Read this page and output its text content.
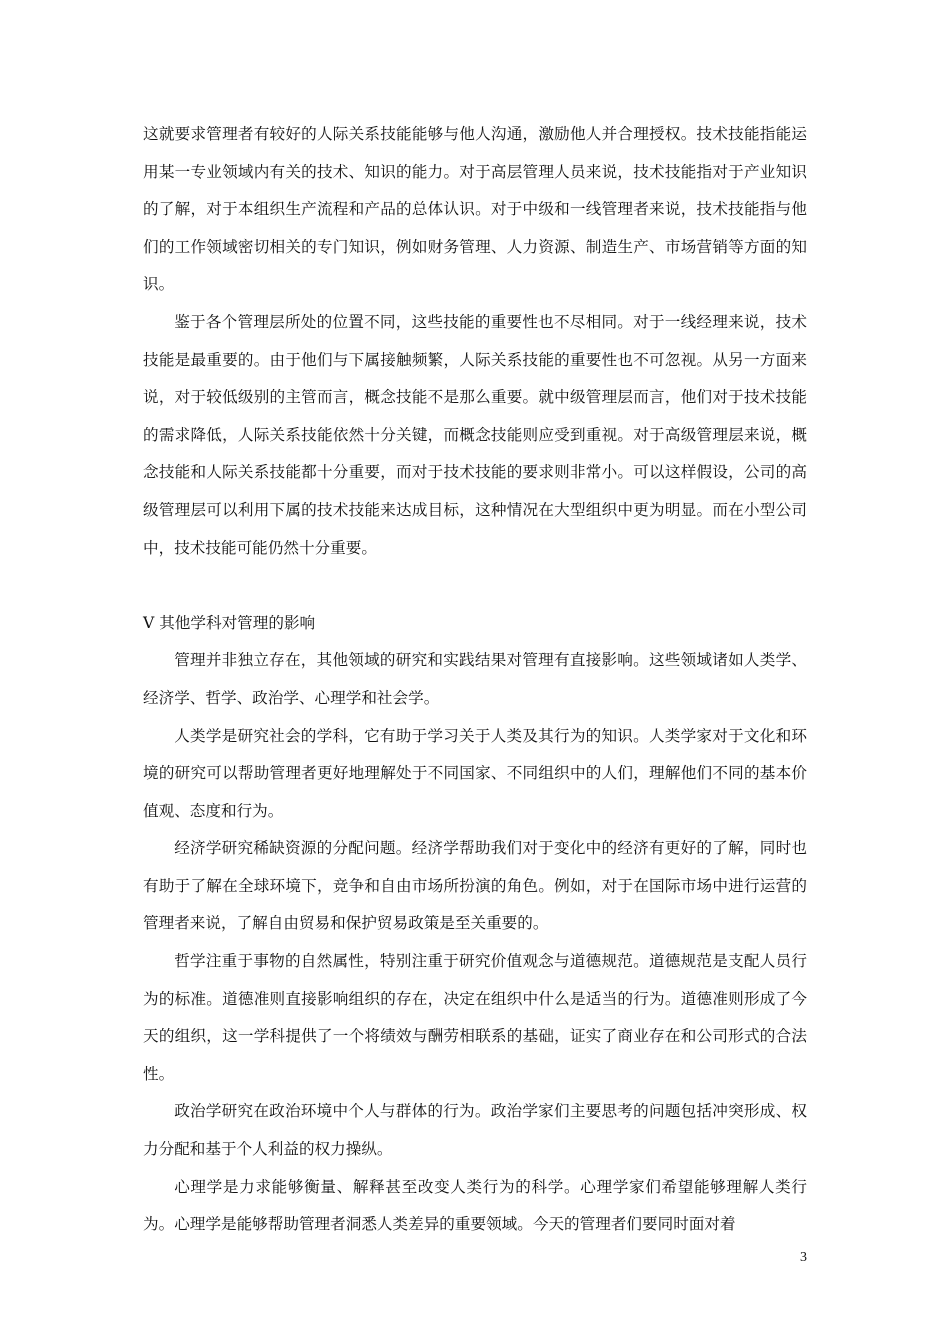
这就要求管理者有较好的人际关系技能能够与他人沟通，激励他人并合理授权。技术技能指能运用某一专业领域内有关的技术、知识的能力。对于高层管理人员来说，技术技能指对于产业知识的了解，对于本组织生产流程和产品的总体认识。对于中级和一线管理者来说，技术技能指与他们的工作领域密切相关的专门知识，例如财务管理、人力资源、制造生产、市场营销等方面的知识。

鉴于各个管理层所处的位置不同，这些技能的重要性也不尽相同。对于一线经理来说，技术技能是最重要的。由于他们与下属接触频繁，人际关系技能的重要性也不可忽视。从另一方面来说，对于较低级别的主管而言，概念技能不是那么重要。就中级管理层而言，他们对于技术技能的需求降低，人际关系技能依然十分关键，而概念技能则应受到重视。对于高级管理层来说，概念技能和人际关系技能都十分重要，而对于技术技能的要求则非常小。可以这样假设，公司的高级管理层可以利用下属的技术技能来达成目标，这种情况在大型组织中更为明显。而在小型公司中，技术技能可能仍然十分重要。

Ⅴ 其他学科对管理的影响

管理并非独立存在，其他领域的研究和实践结果对管理有直接影响。这些领域诸如人类学、经济学、哲学、政治学、心理学和社会学。

人类学是研究社会的学科，它有助于学习关于人类及其行为的知识。人类学家对于文化和环境的研究可以帮助管理者更好地理解处于不同国家、不同组织中的人们，理解他们不同的基本价值观、态度和行为。

经济学研究稀缺资源的分配问题。经济学帮助我们对于变化中的经济有更好的了解，同时也有助于了解在全球环境下，竞争和自由市场所扮演的角色。例如，对于在国际市场中进行运营的管理者来说，了解自由贸易和保护贸易政策是至关重要的。

哲学注重于事物的自然属性，特别注重于研究价值观念与道德规范。道德规范是支配人员行为的标准。道德准则直接影响组织的存在，决定在组织中什么是适当的行为。道德准则形成了今天的组织，这一学科提供了一个将绩效与酬劳相联系的基础，证实了商业存在和公司形式的合法性。

政治学研究在政治环境中个人与群体的行为。政治学家们主要思考的问题包括冲突形成、权力分配和基于个人利益的权力操纵。

心理学是力求能够衡量、解释甚至改变人类行为的科学。心理学家们希望能够理解人类行为。心理学是能够帮助管理者洞悉人类差异的重要领域。今天的管理者们要同时面对着

3
